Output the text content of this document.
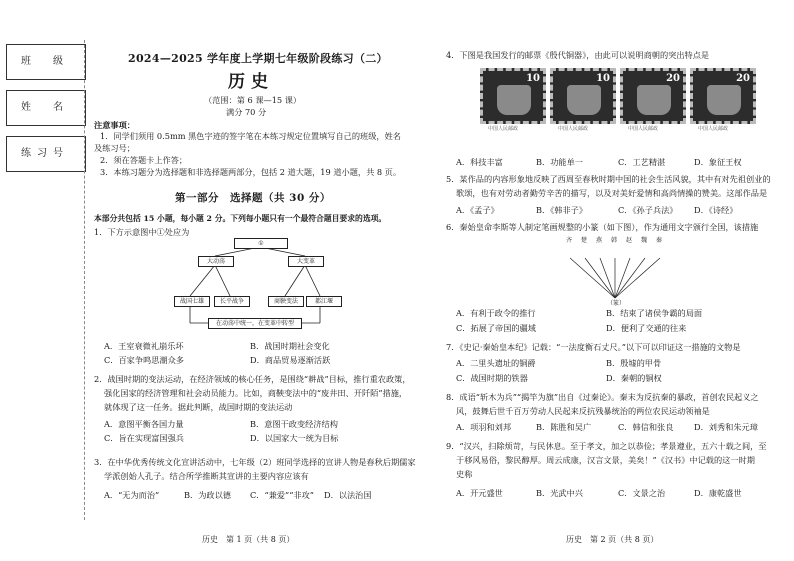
班　级
姓　名
练习号
2024—2025 学年度上学期七年级阶段练习（二）
历史
（范围：第 6 课—15 课）
满分 70 分
注意事项：
1．同学们须用 0.5mm 黑色字迹的签字笔在本练习规定位置填写自己的班级，姓名
及练习号；
2．须在答题卡上作答；
3．本练习题分为选择题和非选择题两部分，包括 2 道大题，19 道小题，共 8 页。
第一部分　选择题（共 30 分）
本部分共包括 15 小题，每小题 2 分。下列每小题只有一个最符合题目要求的选项。
1．下方示意图中①处应为
①
大动荡	大变革
战国七雄	长平战争	商鞅变法	都江堰
在动荡中统一，在变革中转型
A．王室衰微礼崩乐坏	B．战国时期社会变化
C．百家争鸣思潮众多	D．商品贸易逐渐活跃
2．战国时期的变法运动，在经济领域的核心任务，是围绕“耕战”目标，推行重农政策，
强化国家的经济管理和社会动员能力。比如，商鞅变法中的“废井田、开阡陌”措施，
就体现了这一任务。据此判断，战国时期的变法运动
A．意图平衡各国力量	B．意图干政变经济结构
C．旨在实现富国强兵	D．以国家大一统为目标
3．在中华优秀传统文化宣讲活动中，七年级（2）班同学选择的宣讲人物是春秋后期儒家
学派创始人孔子。结合所学推断其宣讲的主要内容应该有
A．“无为而治”	B．为政以德 C．“兼爱”“非攻” D．以法治国
历史　第 1 页（共 8 页）
4．下图是我国发行的邮票《殷代铜器》，由此可以说明商朝的突出特点是
10	10	20	20
中国人民邮政	中国人民邮政	中国人民邮政	中国人民邮政
A．科技丰富	B．功能单一	C．工艺精湛	D．象征王权
5．某作品的内容形象地反映了西周至春秋时期中国的社会生活风貌，其中有对先祖创业的
歌颂，也有对劳动者勤劳辛苦的描写，以及对美好爱情和高尚情操的赞美。这部作品是
A．《孟子》	B．《韩非子》	C．《孙子兵法》 D．《诗经》
6．秦始皇命李斯等人制定笔画规整的小篆（如下图），作为通用文字颁行全国，该措施
齐 楚 燕 韩 赵 魏 秦
（篆）
A．有利于政令的推行	B．结束了诸侯争霸的局面
C．拓展了帝国的疆域	D．便利了交通的往来
7．《史记·秦始皇本纪》记载：“一法度衡石丈尺。”以下可以印证这一措施的文物是
A．二里头遗址的铜爵	B．殷墟的甲骨
C．战国时期的铁器	D．秦朝的铜权
8．成语“斩木为兵”“揭竿为旗”出自《过秦论》。秦末为反抗秦的暴政，首创农民起义之
风，鼓舞后世千百万劳动人民起来反抗残暴统治的两位农民运动领袖是
A．项羽和刘邦	B．陈胜和吴广	C．韩信和张良	D．刘秀和朱元璋
9．“汉兴，扫除烦苛，与民休息。至于孝文，加之以恭俭；孝景遵业，五六十载之间，至
于移风易俗，黎民醇厚。周云成康，汉言文景，美矣！”《汉书》中记载的这一时期
史称
A．开元盛世	B．光武中兴	C．文景之治	D．康乾盛世
历史　第 2 页（共 8 页）
